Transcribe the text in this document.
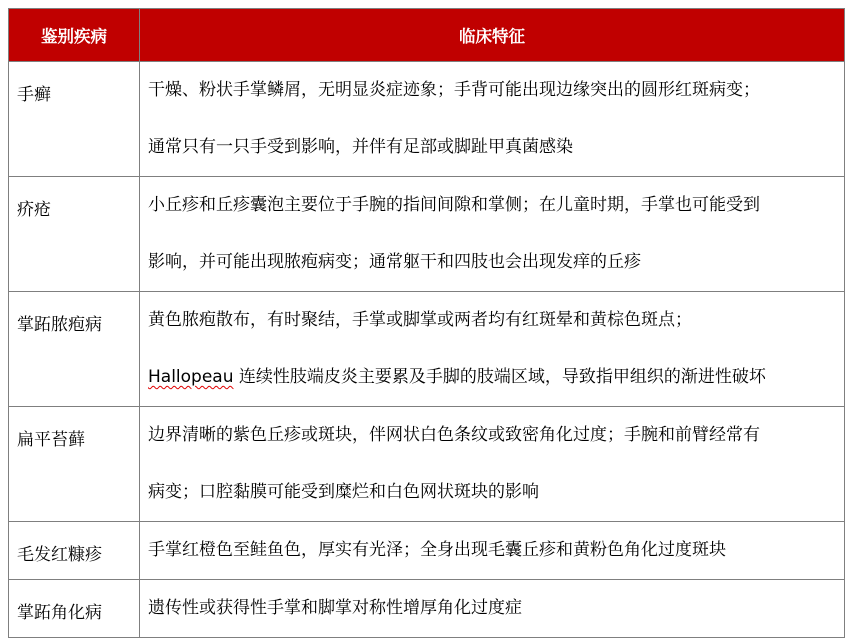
鉴别疾病	临床特征
手癣	干燥、粉状手掌鳞屑，无明显炎症迹象；手背可能出现边缘突出的圆形红斑病变；
通常只有一只手受到影响，并伴有足部或脚趾甲真菌感染

疥疮	小丘疹和丘疹囊泡主要位于手腕的指间间隙和掌侧；在儿童时期，手掌也可能受到
影响，并可能出现脓疱病变；通常躯干和四肢也会出现发痒的丘疹

掌跖脓疱病	黄色脓疱散布，有时聚结，手掌或脚掌或两者均有红斑晕和黄棕色斑点；
Hallopeau 连续性肢端皮炎主要累及手脚的肢端区域，导致指甲组织的渐进性破坏

扁平苔藓	边界清晰的紫色丘疹或斑块，伴网状白色条纹或致密角化过度；手腕和前臂经常有
病变；口腔黏膜可能受到糜烂和白色网状斑块的影响

毛发红糠疹	手掌红橙色至鲑鱼色，厚实有光泽；全身出现毛囊丘疹和黄粉色角化过度斑块

掌跖角化病	遗传性或获得性手掌和脚掌对称性增厚角化过度症
